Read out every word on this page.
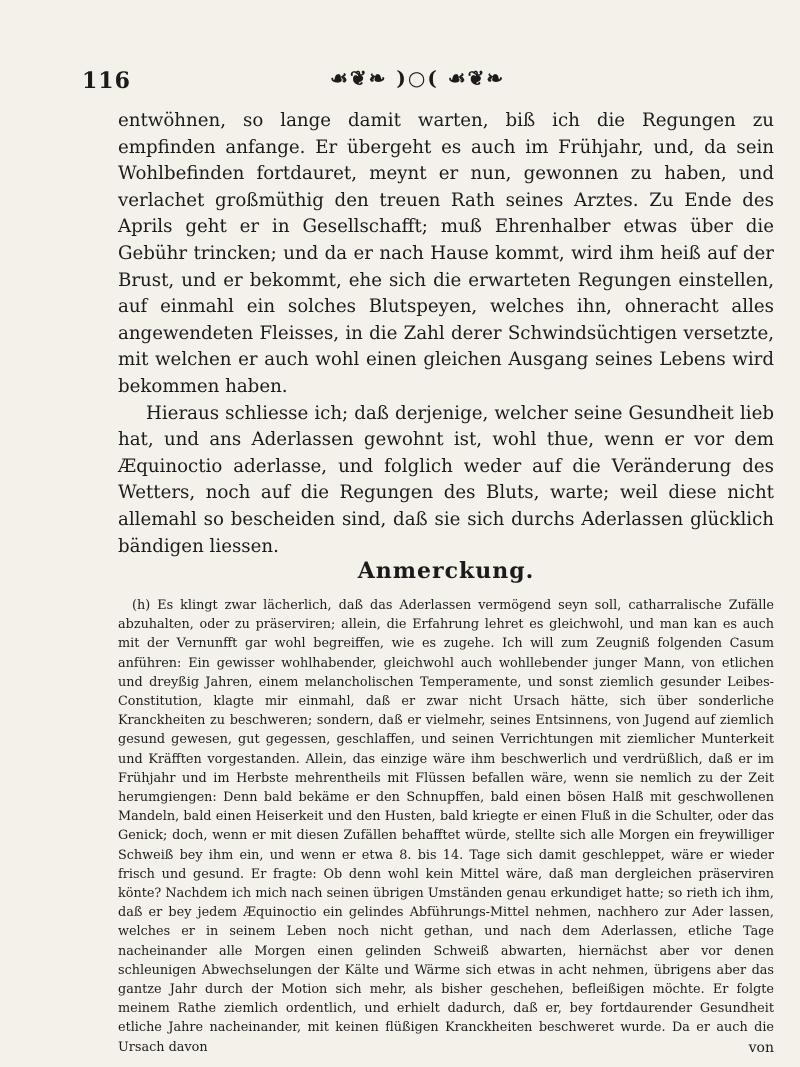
116	☙❦❧ )○( ☙❦❧

entwöhnen, so lange damit warten, biß ich die Regungen zu empfinden anfange. Er übergeht es auch im Frühjahr, und, da sein Wohlbefinden fortdauret, meynt er nun, gewonnen zu haben, und verlachet großmüthig den treuen Rath seines Arztes. Zu Ende des Aprils geht er in Gesellschafft; muß Ehrenhalber etwas über die Gebühr trincken; und da er nach Hause kommt, wird ihm heiß auf der Brust, und er bekommt, ehe sich die erwarteten Regungen einstellen, auf einmahl ein solches Blutspeyen, welches ihn, ohneracht alles angewendeten Fleisses, in die Zahl derer Schwindsüchtigen versetzte, mit welchen er auch wohl einen gleichen Ausgang seines Lebens wird bekommen haben.

Hieraus schliesse ich; daß derjenige, welcher seine Gesundheit lieb hat, und ans Aderlassen gewohnt ist, wohl thue, wenn er vor dem Æquinoctio aderlasse, und folglich weder auf die Veränderung des Wetters, noch auf die Regungen des Bluts, warte; weil diese nicht allemahl so bescheiden sind, daß sie sich durchs Aderlassen glücklich bändigen liessen.

Anmerckung.

(h) Es klingt zwar lächerlich, daß das Aderlassen vermögend seyn soll, catharralische Zufälle abzuhalten, oder zu präserviren; allein, die Erfahrung lehret es gleichwohl, und man kan es auch mit der Vernunfft gar wohl begreiffen, wie es zugehe. Ich will zum Zeugniß folgenden Casum anführen: Ein gewisser wohlhabender, gleichwohl auch wohllebender junger Mann, von etlichen und dreyßig Jahren, einem melancholischen Temperamente, und sonst ziemlich gesunder Leibes-Constitution, klagte mir einmahl, daß er zwar nicht Ursach hätte, sich über sonderliche Kranckheiten zu beschweren; sondern, daß er vielmehr, seines Entsinnens, von Jugend auf ziemlich gesund gewesen, gut gegessen, geschlaffen, und seinen Verrichtungen mit ziemlicher Munterkeit und Kräfften vorgestanden. Allein, das einzige wäre ihm beschwerlich und verdrüßlich, daß er im Frühjahr und im Herbste mehrentheils mit Flüssen befallen wäre, wenn sie nemlich zu der Zeit herumgiengen: Denn bald bekäme er den Schnupffen, bald einen bösen Halß mit geschwollenen Mandeln, bald einen Heiserkeit und den Husten, bald kriegte er einen Fluß in die Schulter, oder das Genick; doch, wenn er mit diesen Zufällen behafftet würde, stellte sich alle Morgen ein freywilliger Schweiß bey ihm ein, und wenn er etwa 8. bis 14. Tage sich damit geschleppet, wäre er wieder frisch und gesund. Er fragte: Ob denn wohl kein Mittel wäre, daß man dergleichen präserviren könte? Nachdem ich mich nach seinen übrigen Umständen genau erkundiget hatte; so rieth ich ihm, daß er bey jedem Æquinoctio ein gelindes Abführungs-Mittel nehmen, nachhero zur Ader lassen, welches er in seinem Leben noch nicht gethan, und nach dem Aderlassen, etliche Tage nacheinander alle Morgen einen gelinden Schweiß abwarten, hiernächst aber vor denen schleunigen Abwechselungen der Kälte und Wärme sich etwas in acht nehmen, übrigens aber das gantze Jahr durch der Motion sich mehr, als bisher geschehen, befleißigen möchte. Er folgte meinem Rathe ziemlich ordentlich, und erhielt dadurch, daß er, bey fortdaurender Gesundheit etliche Jahre nacheinander, mit keinen flüßigen Kranckheiten beschweret wurde. Da er auch die Ursach davon	von
